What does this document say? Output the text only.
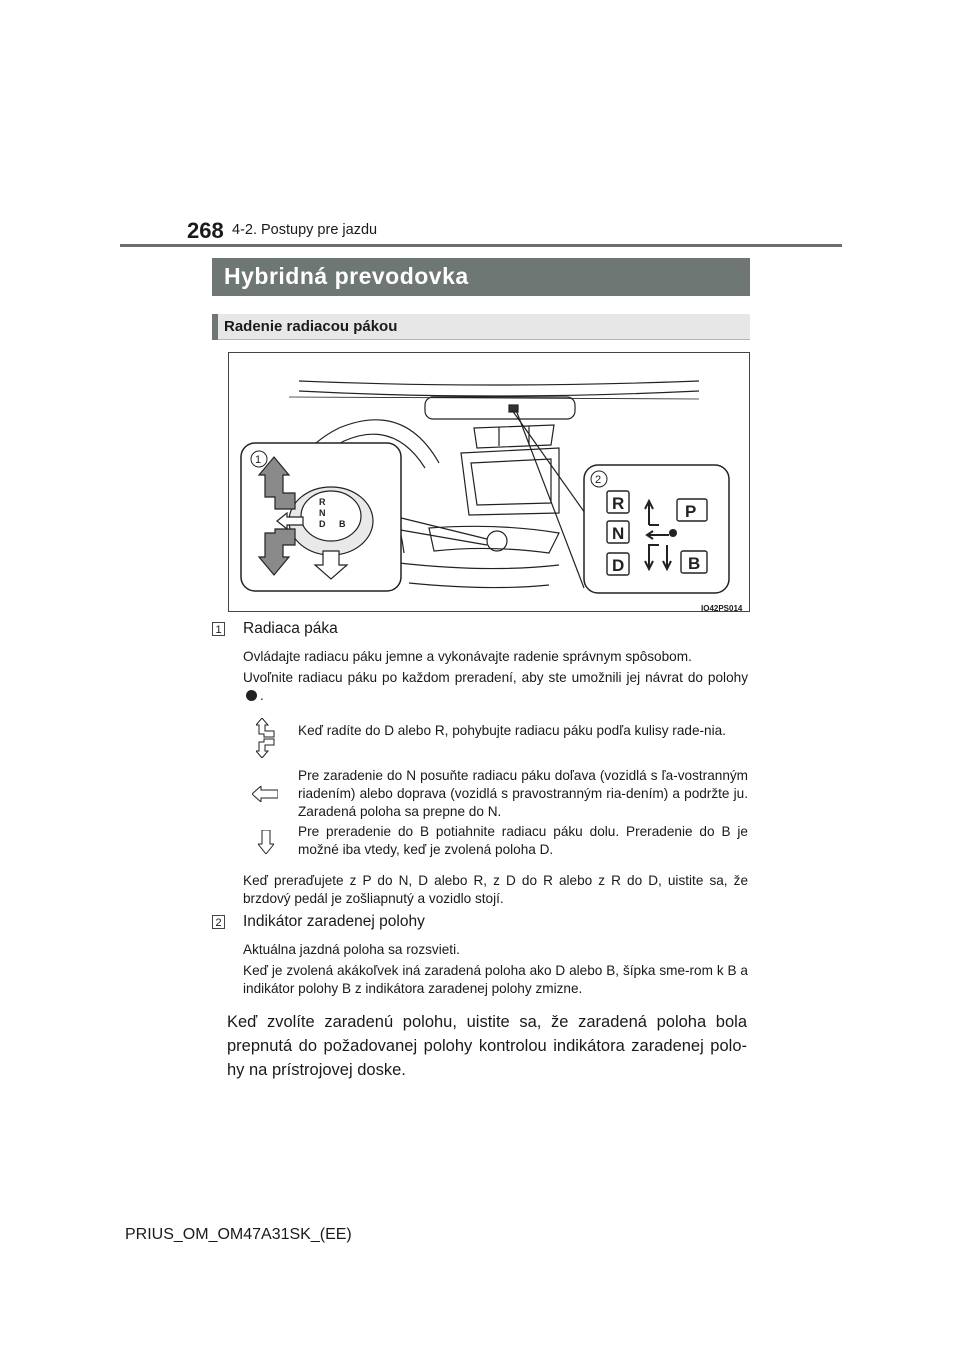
268 4-2. Postupy pre jazdu
Hybridná prevodovka
Radenie radiacou pákou
R
N
D B
1
2
R
N
D
P
B
IO42PS014
1 Radiaca páka
Ovládajte radiacu páku jemne a vykonávajte radenie správnym spôsobom.
Uvoľnite radiacu páku po každom preradení, aby ste umožnili jej návrat do polohy .
Keď radíte do D alebo R, pohybujte radiacu páku podľa kulisy rade-nia.
Pre zaradenie do N posuňte radiacu páku doľava (vozidlá s ľa-vostranným riadením) alebo doprava (vozidlá s pravostranným ria-dením) a podržte ju. Zaradená poloha sa prepne do N.
Pre preradenie do B potiahnite radiacu páku dolu. Preradenie do B je možné iba vtedy, keď je zvolená poloha D.
Keď preraďujete z P do N, D alebo R, z D do R alebo z R do D, uistite sa, že brzdový pedál je zošliapnutý a vozidlo stojí.
2 Indikátor zaradenej polohy
Aktuálna jazdná poloha sa rozsvieti.
Keď je zvolená akákoľvek iná zaradená poloha ako D alebo B, šípka sme-rom k B a indikátor polohy B z indikátora zaradenej polohy zmizne.
Keď zvolíte zaradenú polohu, uistite sa, že zaradená poloha bola prepnutá do požadovanej polohy kontrolou indikátora zaradenej polo-hy na prístrojovej doske.
PRIUS_OM_OM47A31SK_(EE)
